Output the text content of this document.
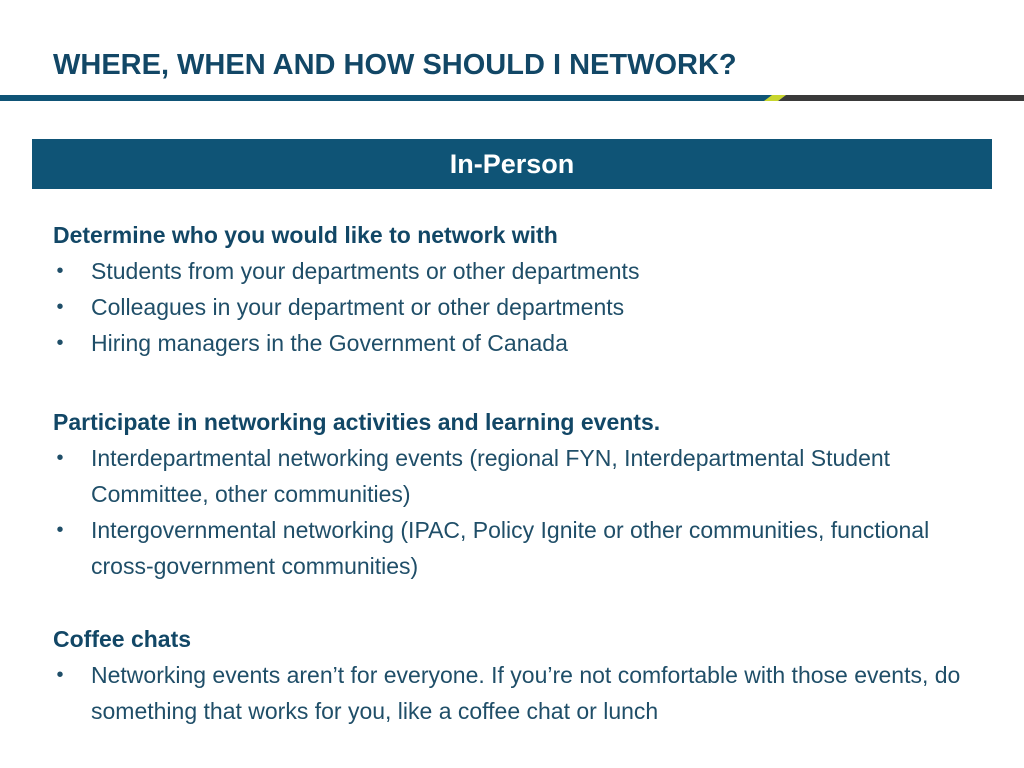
WHERE, WHEN AND HOW SHOULD I NETWORK?
In-Person
Determine who you would like to network with
• Students from your departments or other departments
• Colleagues in your department or other departments
• Hiring managers in the Government of Canada
Participate in networking activities and learning events.
• Interdepartmental networking events (regional FYN, Interdepartmental Student Committee, other communities)
• Intergovernmental networking (IPAC, Policy Ignite or other communities, functional cross-government communities)
Coffee chats
• Networking events aren’t for everyone. If you’re not comfortable with those events, do something that works for you, like a coffee chat or lunch
